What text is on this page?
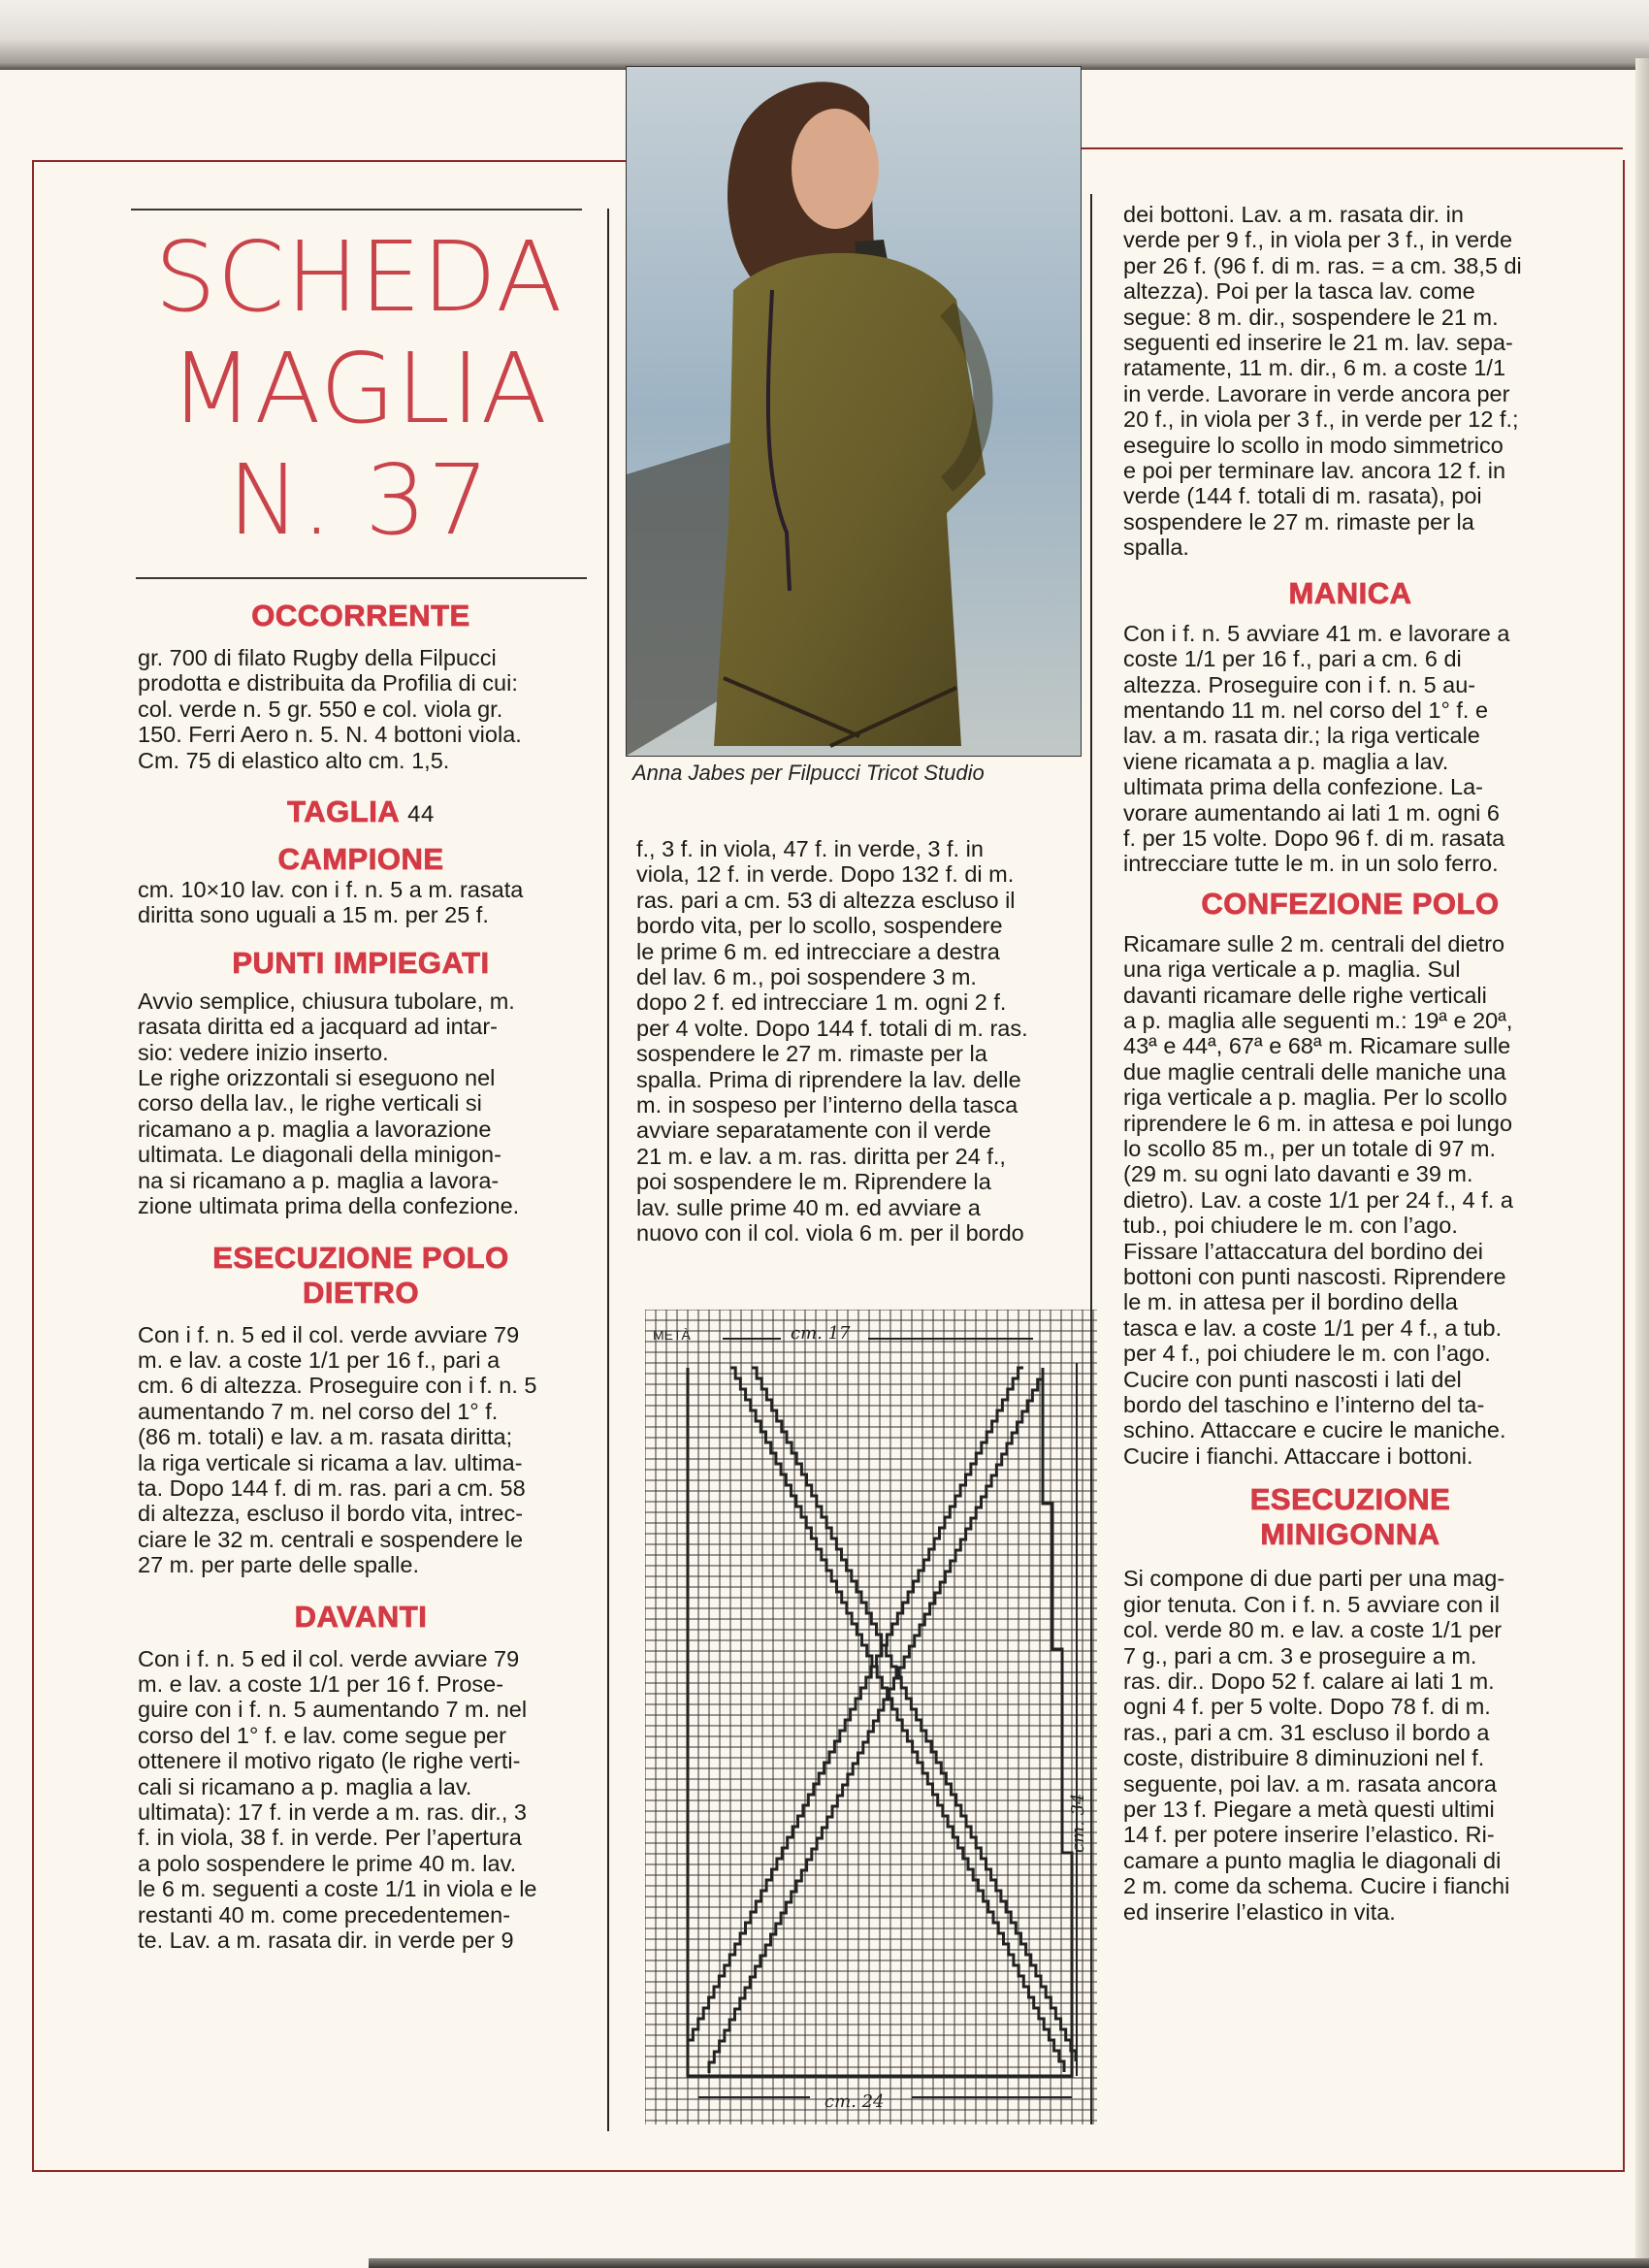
SCHEDA
MAGLIA
N. 37
OCCORRENTE

gr. 700 di filato Rugby della Filpucci

prodotta e distribuita da Profilia di cui:

col. verde n. 5 gr. 550 e col. viola gr.

150. Ferri Aero n. 5. N. 4 bottoni viola.

Cm. 75 di elastico alto cm. 1,5.

TAGLIA 44
CAMPIONE

cm. 10×10 lav. con i f. n. 5 a m. rasata

diritta sono uguali a 15 m. per 25 f.

PUNTI IMPIEGATI

Avvio semplice, chiusura tubolare, m.

rasata diritta ed a jacquard ad intar-

sio: vedere inizio inserto.

Le righe orizzontali si eseguono nel

corso della lav., le righe verticali si

ricamano a p. maglia a lavorazione

ultimata. Le diagonali della minigon-

na si ricamano a p. maglia a lavora-

zione ultimata prima della confezione.

ESECUZIONE POLO
DIETRO

Con i f. n. 5 ed il col. verde avviare 79

m. e lav. a coste 1/1 per 16 f., pari a

cm. 6 di altezza. Proseguire con i f. n. 5

aumentando 7 m. nel corso del 1° f.

(86 m. totali) e lav. a m. rasata diritta;

la riga verticale si ricama a lav. ultima-

ta. Dopo 144 f. di m. ras. pari a cm. 58

di altezza, escluso il bordo vita, intrec-

ciare le 32 m. centrali e sospendere le

27 m. per parte delle spalle.

DAVANTI

Con i f. n. 5 ed il col. verde avviare 79

m. e lav. a coste 1/1 per 16 f. Prose-

guire con i f. n. 5 aumentando 7 m. nel

corso del 1° f. e lav. come segue per

ottenere il motivo rigato (le righe verti-

cali si ricamano a p. maglia a lav.

ultimata): 17 f. in verde a m. ras. dir., 3

f. in viola, 38 f. in verde. Per l’apertura

a polo sospendere le prime 40 m. lav.

le 6 m. seguenti a coste 1/1 in viola e le

restanti 40 m. come precedentemen-

te. Lav. a m. rasata dir. in verde per 9

Anna Jabes per Filpucci Tricot Studio

f., 3 f. in viola, 47 f. in verde, 3 f. in

viola, 12 f. in verde. Dopo 132 f. di m.

ras. pari a cm. 53 di altezza escluso il

bordo vita, per lo scollo, sospendere

le prime 6 m. ed intrecciare a destra

del lav. 6 m., poi sospendere 3 m.

dopo 2 f. ed intrecciare 1 m. ogni 2 f.

per 4 volte. Dopo 144 f. totali di m. ras.

sospendere le 27 m. rimaste per la

spalla. Prima di riprendere la lav. delle

m. in sospeso per l’interno della tasca

avviare separatamente con il verde

21 m. e lav. a m. ras. diritta per 24 f.,

poi sospendere le m. Riprendere la

lav. sulle prime 40 m. ed avviare a

nuovo con il col. viola 6 m. per il bordo

METÀ	cm. 17
cm. 24
cm. 34

dei bottoni. Lav. a m. rasata dir. in

verde per 9 f., in viola per 3 f., in verde

per 26 f. (96 f. di m. ras. = a cm. 38,5 di

altezza). Poi per la tasca lav. come

segue: 8 m. dir., sospendere le 21 m.

seguenti ed inserire le 21 m. lav. sepa-

ratamente, 11 m. dir., 6 m. a coste 1/1

in verde. Lavorare in verde ancora per

20 f., in viola per 3 f., in verde per 12 f.;

eseguire lo scollo in modo simmetrico

e poi per terminare lav. ancora 12 f. in

verde (144 f. totali di m. rasata), poi

sospendere le 27 m. rimaste per la

spalla.

MANICA

Con i f. n. 5 avviare 41 m. e lavorare a

coste 1/1 per 16 f., pari a cm. 6 di

altezza. Proseguire con i f. n. 5 au-

mentando 11 m. nel corso del 1° f. e

lav. a m. rasata dir.; la riga verticale

viene ricamata a p. maglia a lav.

ultimata prima della confezione. La-

vorare aumentando ai lati 1 m. ogni 6

f. per 15 volte. Dopo 96 f. di m. rasata

intrecciare tutte le m. in un solo ferro.

CONFEZIONE POLO

Ricamare sulle 2 m. centrali del dietro

una riga verticale a p. maglia. Sul

davanti ricamare delle righe verticali

a p. maglia alle seguenti m.: 19ª e 20ª,

43ª e 44ª, 67ª e 68ª m. Ricamare sulle

due maglie centrali delle maniche una

riga verticale a p. maglia. Per lo scollo

riprendere le 6 m. in attesa e poi lungo

lo scollo 85 m., per un totale di 97 m.

(29 m. su ogni lato davanti e 39 m.

dietro). Lav. a coste 1/1 per 24 f., 4 f. a

tub., poi chiudere le m. con l’ago.

Fissare l’attaccatura del bordino dei

bottoni con punti nascosti. Riprendere

le m. in attesa per il bordino della

tasca e lav. a coste 1/1 per 4 f., a tub.

per 4 f., poi chiudere le m. con l’ago.

Cucire con punti nascosti i lati del

bordo del taschino e l’interno del ta-

schino. Attaccare e cucire le maniche.

Cucire i fianchi. Attaccare i bottoni.

ESECUZIONE
MINIGONNA

Si compone di due parti per una mag-

gior tenuta. Con i f. n. 5 avviare con il

col. verde 80 m. e lav. a coste 1/1 per

7 g., pari a cm. 3 e proseguire a m.

ras. dir.. Dopo 52 f. calare ai lati 1 m.

ogni 4 f. per 5 volte. Dopo 78 f. di m.

ras., pari a cm. 31 escluso il bordo a

coste, distribuire 8 diminuzioni nel f.

seguente, poi lav. a m. rasata ancora

per 13 f. Piegare a metà questi ultimi

14 f. per potere inserire l’elastico. Ri-

camare a punto maglia le diagonali di

2 m. come da schema. Cucire i fianchi

ed inserire l’elastico in vita.
